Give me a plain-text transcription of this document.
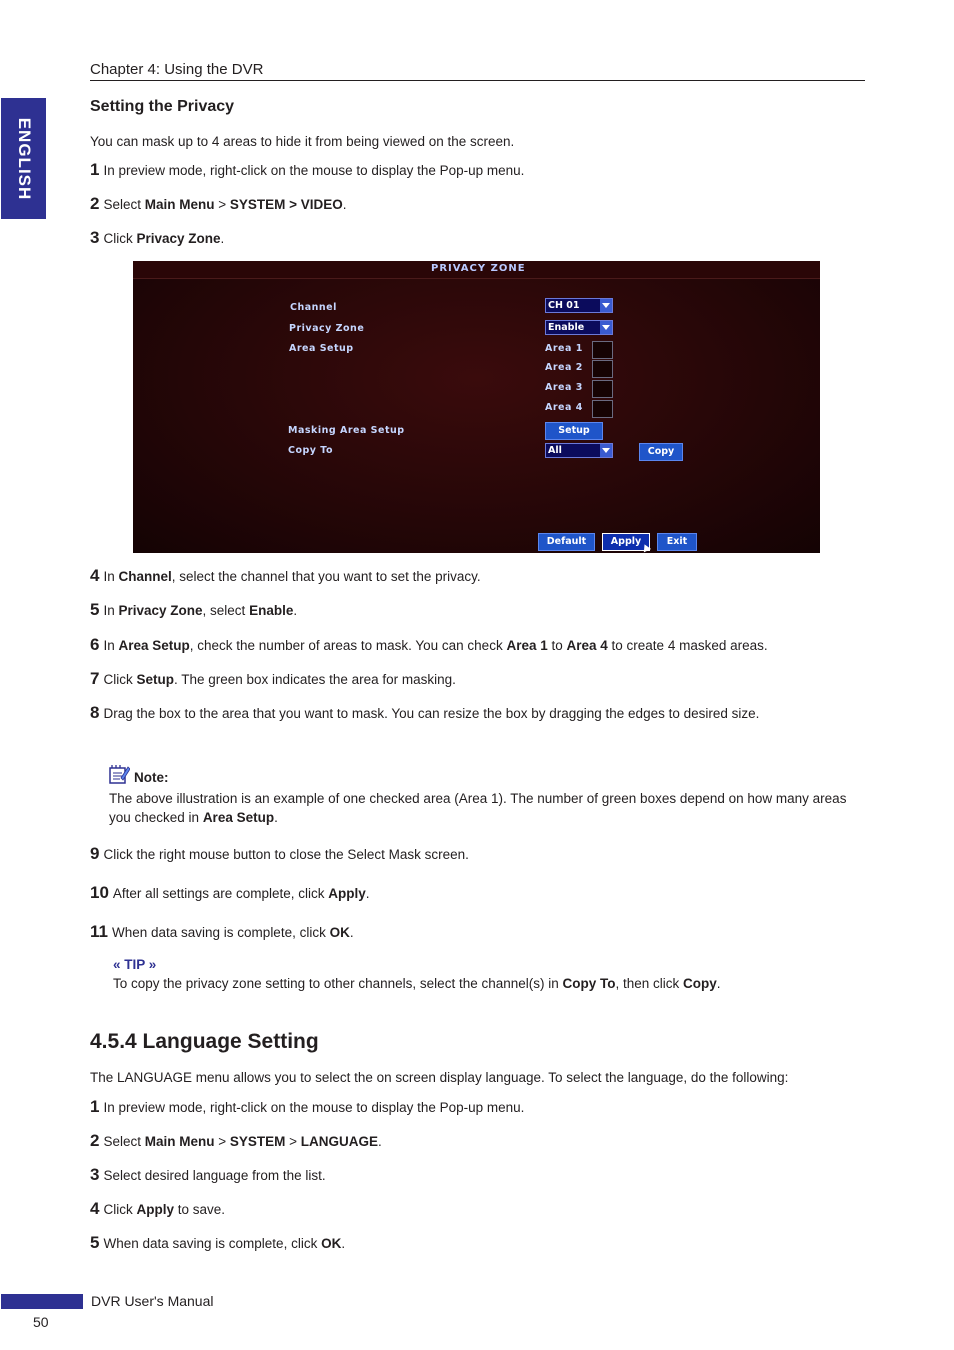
ENGLISH
Chapter 4: Using the DVR
Setting the Privacy
You can mask up to 4 areas to hide it from being viewed on the screen.
1 In preview mode, right-click on the mouse to display the Pop-up menu.
2 Select Main Menu > SYSTEM > VIDEO.
3 Click Privacy Zone.
PRIVACY ZONE
Channel	CH 01
Privacy Zone	Enable
Area Setup	Area 1
Area 2
Area 3
Area 4
Masking Area Setup	Setup
Copy To	All	Copy
Default	Apply	Exit
4 In Channel, select the channel that you want to set the privacy.
5 In Privacy Zone, select Enable.
6 In Area Setup, check the number of areas to mask. You can check Area 1 to Area 4 to create 4 masked areas.
7 Click Setup. The green box indicates the area for masking.
8 Drag the box to the area that you want to mask. You can resize the box by dragging the edges to desired size.
Note:
The above illustration is an example of one checked area (Area 1). The number of green boxes depend on how many areas you checked in Area Setup.
9 Click the right mouse button to close the Select Mask screen.
10 After all settings are complete, click Apply.
11 When data saving is complete, click OK.
« TIP »
To copy the privacy zone setting to other channels, select the channel(s) in Copy To, then click Copy.
4.5.4 Language Setting
The LANGUAGE menu allows you to select the on screen display language. To select the language, do the following:
1 In preview mode, right-click on the mouse to display the Pop-up menu.
2 Select Main Menu > SYSTEM > LANGUAGE.
3 Select desired language from the list.
4 Click Apply to save.
5 When data saving is complete, click OK.
DVR User's Manual
50
